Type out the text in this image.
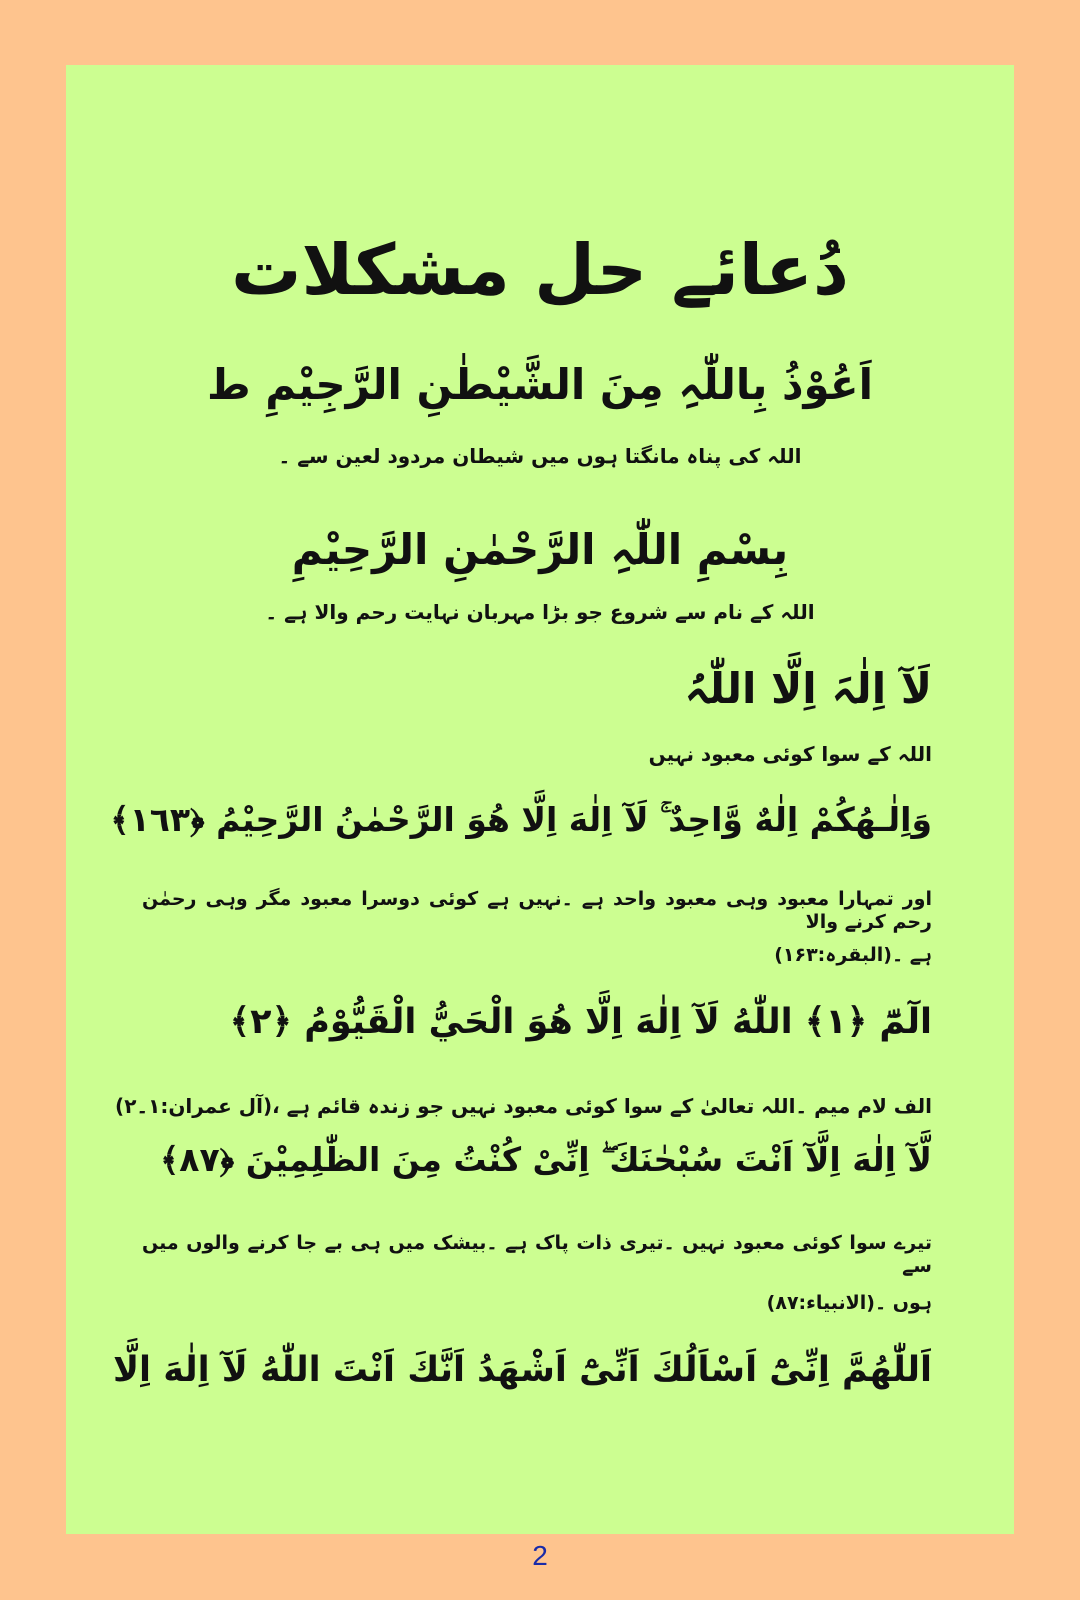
دُعائے حل مشکلات
اَعُوْذُ بِاللّٰہِ مِنَ الشَّیْطٰنِ الرَّجِیْمِ ط
اللہ کی پناہ مانگتا ہوں میں شیطان مردود لعین سے ۔
بِسْمِ اللّٰہِ الرَّحْمٰنِ الرَّحِیْمِ
اللہ کے نام سے شروع جو بڑا مہربان نہایت رحم والا ہے ۔
لَآ اِلٰہَ اِلَّا اللّٰہُ
اللہ کے سوا کوئی معبود نہیں
وَاِلٰـهُكُمْ اِلٰهٌ وَّاحِدٌ ۚ لَآ اِلٰهَ اِلَّا هُوَ الرَّحْمٰنُ الرَّحِيْمُ ﴿١٦٣﴾
اور تمہارا معبود وہی معبود واحد ہے ۔نہیں ہے کوئی دوسرا معبود مگر وہی رحمٰن رحم کرنے والا
ہے ۔(البقرہ:۱۶۳)
الٓمّٓ ﴿١﴾ اللّٰهُ لَآ اِلٰهَ اِلَّا هُوَ الْحَيُّ الْقَيُّوْمُ ﴿٢﴾
الف لام میم ۔اللہ تعالیٰ کے سوا کوئی معبود نہیں جو زندہ قائم ہے ،(آل عمران:۱۔۲)
لَّآ اِلٰهَ اِلَّآ اَنْتَ سُبْحٰنَكَ ۖ اِنِّىْ كُنْتُ مِنَ الظّٰلِمِيْنَ ﴿٨٧﴾
تیرے سوا کوئی معبود نہیں ۔تیری ذات پاک ہے ۔بیشک میں ہی بے جا کرنے والوں میں سے
ہوں ۔(الانبیاء:۸۷)
اَللّٰهُمَّ اِنِّىْٓ اَسْاَلُكَ اَنِّىْٓ اَشْهَدُ اَنَّكَ اَنْتَ اللّٰهُ لَآ اِلٰهَ اِلَّا
2
